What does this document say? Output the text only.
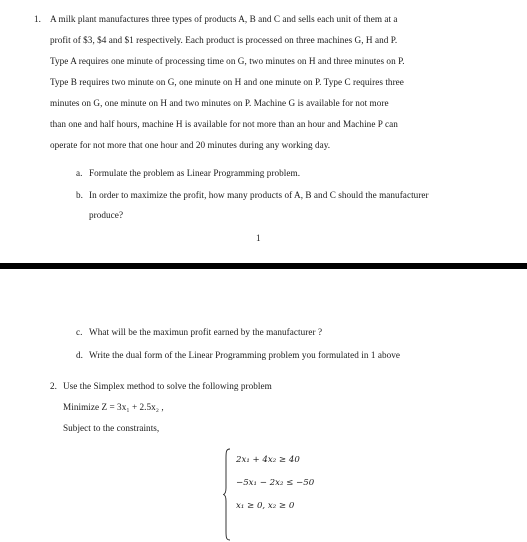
1. A milk plant manufactures three types of products A, B and C and sells each unit of them at a
profit of $3, $4 and $1 respectively. Each product is processed on three machines G, H and P.
Type A requires one minute of processing time on G, two minutes on H and three minutes on P.
Type B requires two minute on G, one minute on H and one minute on P. Type C requires three
minutes on G, one minute on H and two minutes on P. Machine G is available for not more
than one and half hours, machine H is available for not more than an hour and Machine P can
operate for not more that one hour and 20 minutes during any working day.
a. Formulate the problem as Linear Programming problem.
b. In order to maximize the profit, how many products of A, B and C should the manufacturer
produce?
1
c. What will be the maximun profit earned by the manufacturer ?
d. Write the dual form of the Linear Programming problem you formulated in 1 above
2. Use the Simplex method to solve the following problem
Minimize Z = 3x₁ + 2.5x₂ ,
Subject to the constraints,
2x₁ + 4x₂ ≥ 40
−5x₁ − 2x₂ ≤ −50
x₁ ≥ 0, x₂ ≥ 0
